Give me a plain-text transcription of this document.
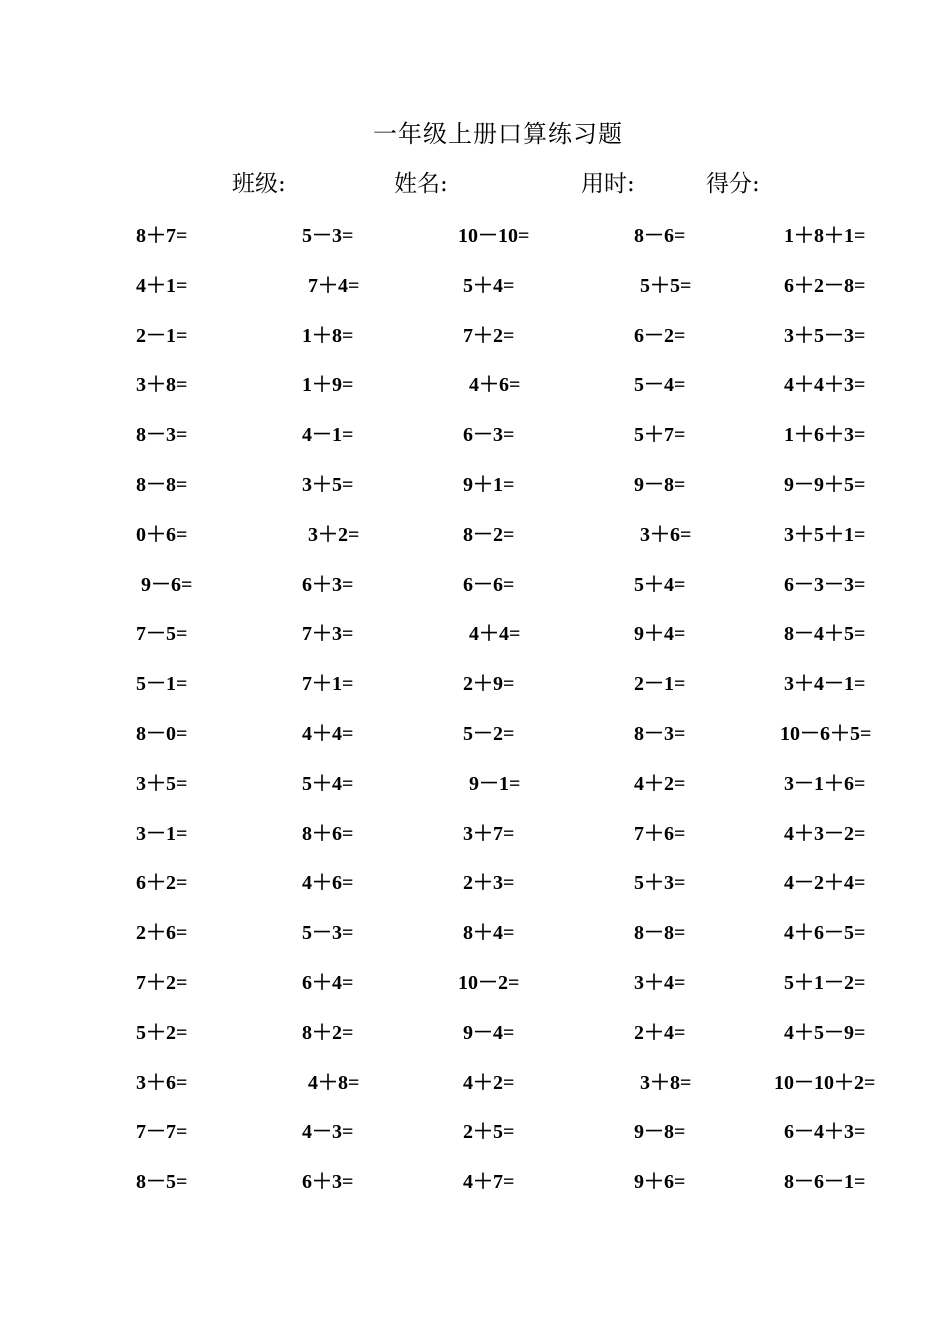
一年级上册口算练习题
班级:	姓名:	用时:	得分:
8＋7=	5－3=	10－10=	8－6=	1＋8＋1=
4＋1=	7＋4=	5＋4=	5＋5=	6＋2－8=
2－1=	1＋8=	7＋2=	6－2=	3＋5－3=
3＋8=	1＋9=	4＋6=	5－4=	4＋4＋3=
8－3=	4－1=	6－3=	5＋7=	1＋6＋3=
8－8=	3＋5=	9＋1=	9－8=	9－9＋5=
0＋6=	3＋2=	8－2=	3＋6=	3＋5＋1=
9－6=	6＋3=	6－6=	5＋4=	6－3－3=
7－5=	7＋3=	4＋4=	9＋4=	8－4＋5=
5－1=	7＋1=	2＋9=	2－1=	3＋4－1=
8－0=	4＋4=	5－2=	8－3=	10－6＋5=
3＋5=	5＋4=	9－1=	4＋2=	3－1＋6=
3－1=	8＋6=	3＋7=	7＋6=	4＋3－2=
6＋2=	4＋6=	2＋3=	5＋3=	4－2＋4=
2＋6=	5－3=	8＋4=	8－8=	4＋6－5=
7＋2=	6＋4=	10－2=	3＋4=	5＋1－2=
5＋2=	8＋2=	9－4=	2＋4=	4＋5－9=
3＋6=	4＋8=	4＋2=	3＋8=	10－10＋2=
7－7=	4－3=	2＋5=	9－8=	6－4＋3=
8－5=	6＋3=	4＋7=	9＋6=	8－6－1=
